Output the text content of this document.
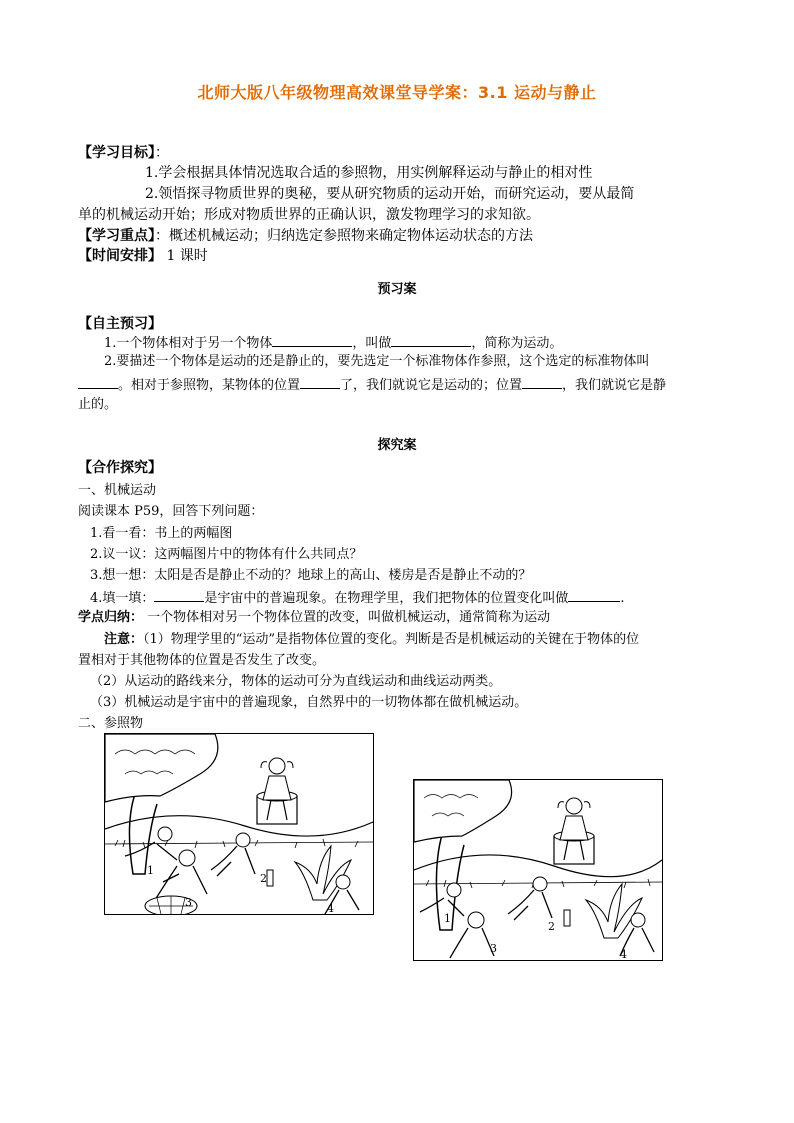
北师大版八年级物理高效课堂导学案：3.1 运动与静止
【学习目标】：
1.学会根据具体情况选取合适的参照物，用实例解释运动与静止的相对性
2.领悟探寻物质世界的奥秘，要从研究物质的运动开始，而研究运动，要从最简
单的机械运动开始；形成对物质世界的正确认识，激发物理学习的求知欲。
【学习重点】：概述机械运动；归纳选定参照物来确定物体运动状态的方法
【时间安排】 1 课时
预习案
【自主预习】
1.一个物体相对于另一个物体	，叫做	，简称为运动。
2.要描述一个物体是运动的还是静止的，要先选定一个标准物体作参照，这个选定的标准物体叫
。相对于参照物，某物体的位置	了，我们就说它是运动的；位置	，我们就说它是静
止的。
探究案
【合作探究】
一、机械运动
阅读课本 P59，回答下列问题：
1.看一看：书上的两幅图
2.议一议：这两幅图片中的物体有什么共同点？
3.想一想：太阳是否是静止不动的？地球上的高山、楼房是否是静止不动的？
4.填一填：	是宇宙中的普遍现象。在物理学里，我们把物体的位置变化叫做	.
学点归纳： 一个物体相对另一个物体位置的改变，叫做机械运动，通常简称为运动
注意：（1）物理学里的“运动”是指物体位置的变化。判断是否是机械运动的关键在于物体的位
置相对于其他物体的位置是否发生了改变。
（2）从运动的路线来分，物体的运动可分为直线运动和曲线运动两类。
（3）机械运动是宇宙中的普遍现象，自然界中的一切物体都在做机械运动。
二、参照物
1
2
3	4
1
2
3	4
